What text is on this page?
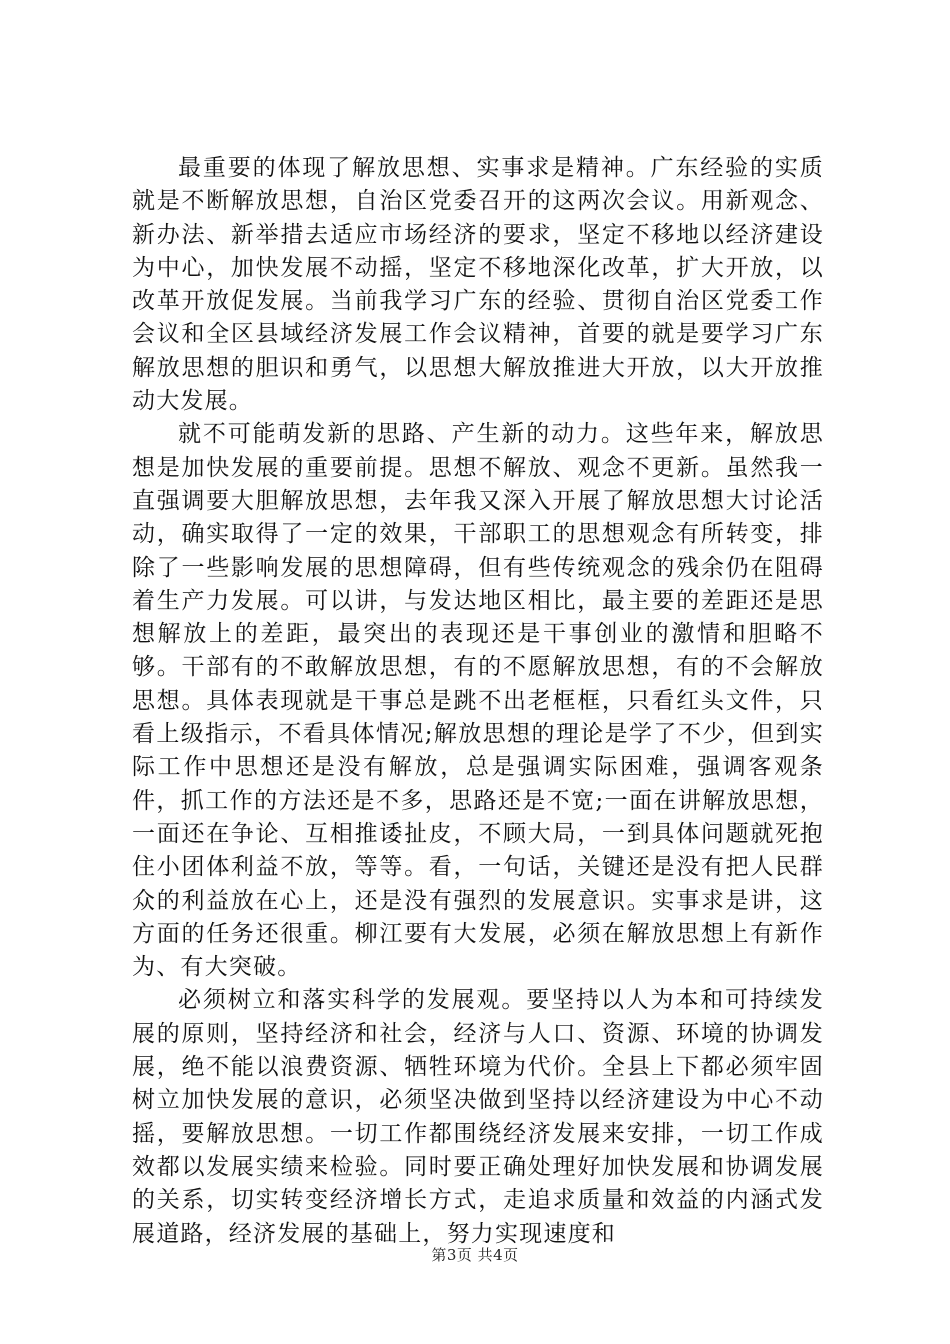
最重要的体现了解放思想、实事求是精神。广东经验的实质就是不断解放思想，自治区党委召开的这两次会议。用新观念、新办法、新举措去适应市场经济的要求，坚定不移地以经济建设为中心，加快发展不动摇，坚定不移地深化改革，扩大开放，以改革开放促发展。当前我学习广东的经验、贯彻自治区党委工作会议和全区县域经济发展工作会议精神，首要的就是要学习广东解放思想的胆识和勇气，以思想大解放推进大开放，以大开放推动大发展。

就不可能萌发新的思路、产生新的动力。这些年来，解放思想是加快发展的重要前提。思想不解放、观念不更新。虽然我一直强调要大胆解放思想，去年我又深入开展了解放思想大讨论活动，确实取得了一定的效果，干部职工的思想观念有所转变，排除了一些影响发展的思想障碍，但有些传统观念的残余仍在阻碍着生产力发展。可以讲，与发达地区相比，最主要的差距还是思想解放上的差距，最突出的表现还是干事创业的激情和胆略不够。干部有的不敢解放思想，有的不愿解放思想，有的不会解放思想。具体表现就是干事总是跳不出老框框，只看红头文件，只看上级指示，不看具体情况;解放思想的理论是学了不少，但到实际工作中思想还是没有解放，总是强调实际困难，强调客观条件，抓工作的方法还是不多，思路还是不宽;一面在讲解放思想，一面还在争论、互相推诿扯皮，不顾大局，一到具体问题就死抱住小团体利益不放，等等。看，一句话，关键还是没有把人民群众的利益放在心上，还是没有强烈的发展意识。实事求是讲，这方面的任务还很重。柳江要有大发展，必须在解放思想上有新作为、有大突破。

必须树立和落实科学的发展观。要坚持以人为本和可持续发展的原则，坚持经济和社会，经济与人口、资源、环境的协调发展，绝不能以浪费资源、牺牲环境为代价。全县上下都必须牢固树立加快发展的意识，必须坚决做到坚持以经济建设为中心不动摇，要解放思想。一切工作都围绕经济发展来安排，一切工作成效都以发展实绩来检验。同时要正确处理好加快发展和协调发展的关系，切实转变经济增长方式，走追求质量和效益的内涵式发展道路，经济发展的基础上，努力实现速度和

第3页 共4页
